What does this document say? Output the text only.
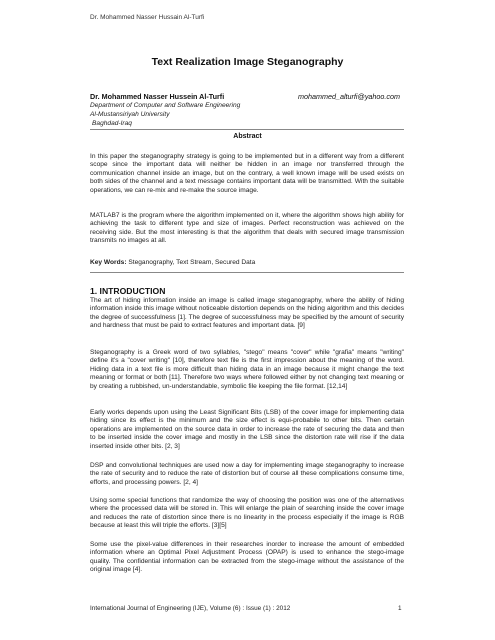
Dr. Mohammed Nasser Hussain Al-Turfi
Text Realization Image Steganography
Dr. Mohammed Nasser Hussein Al-Turfi	mohammed_alturfi@yahoo.com
Department of Computer and Software Engineering
Al-Mustansiriyah University
Baghdad-Iraq
Abstract
In this paper the steganography strategy is going to be implemented but in a different way from a different scope since the important data will neither be hidden in an image nor transferred through the communication channel inside an image, but on the contrary, a well known image will be used exists on both sides of the channel and a text message contains important data will be transmitted. With the suitable operations, we can re-mix and re-make the source image.
MATLAB7 is the program where the algorithm implemented on it, where the algorithm shows high ability for achieving the task to different type and size of images. Perfect reconstruction was achieved on the receiving side. But the most interesting is that the algorithm that deals with secured image transmission transmits no images at all.
Key Words: Steganography, Text Stream, Secured Data
1. INTRODUCTION
The art of hiding information inside an image is called image steganography, where the ability of hiding information inside this image without noticeable distortion depends on the hiding algorithm and this decides the degree of successfulness [1]. The degree of successfulness may be specified by the amount of security and hardness that must be paid to extract features and important data. [9]
Steganography is a Greek word of two syllables, "stego" means "cover" while "grafia" means "writing" define it's a "cover writing" [10], therefore text file is the first impression about the meaning of the word. Hiding data in a text file is more difficult than hiding data in an image because it might change the text meaning or format or both [11]. Therefore two ways where followed either by not changing text meaning or by creating a rubbished, un-understandable, symbolic file keeping the file format. [12,14]
Early works depends upon using the Least Significant Bits (LSB) of the cover image for implementing data hiding since its effect is the minimum and the size effect is equi-probabile to other bits. Then certain operations are implemented on the source data in order to increase the rate of securing the data and then to be inserted inside the cover image and mostly in the LSB since the distortion rate will rise if the data inserted inside other bits. [2, 3]
DSP and convolutional techniques are used now a day for implementing image steganography to increase the rate of security and to reduce the rate of distortion but of course all these complications consume time, efforts, and processing powers. [2, 4]
Using some special functions that randomize the way of choosing the position was one of the alternatives where the processed data will be stored in. This will enlarge the plain of searching inside the cover image and reduces the rate of distortion since there is no linearity in the process especially if the image is RGB because at least this will triple the efforts. [3][5]
Some use the pixel-value differences in their researches inorder to increase the amount of embedded information where an Optimal Pixel Adjustment Process (OPAP) is used to enhance the stego-image quality. The confidential information can be extracted from the stego-image without the assistance of the original image [4].
International Journal of Engineering (IJE), Volume (6) : Issue (1) : 2012	1
